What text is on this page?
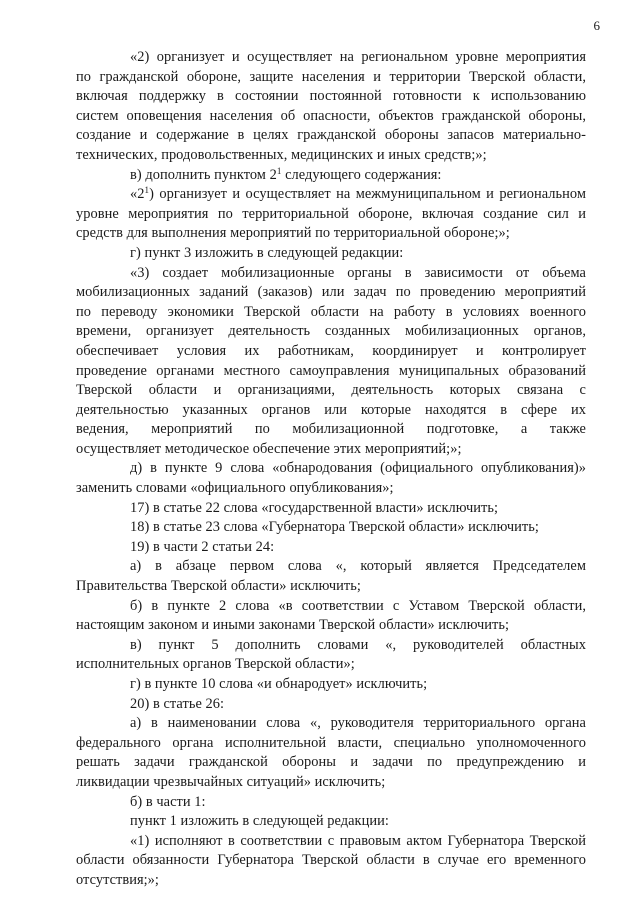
6

«2) организует и осуществляет на региональном уровне мероприятия
по гражданской обороне, защите населения и территории Тверской области,
включая поддержку в состоянии постоянной готовности к использованию
систем оповещения населения об опасности, объектов гражданской обороны,
создание и содержание в целях гражданской обороны запасов материально-
технических, продовольственных, медицинских и иных средств;»;

в) дополнить пунктом $2^1$ следующего содержания:

«$2^1$) организует и осуществляет на межмуниципальном и региональном
уровне мероприятия по территориальной обороне, включая создание сил и
средств для выполнения мероприятий по территориальной обороне;»;

г) пункт 3 изложить в следующей редакции:

«3) создает мобилизационные органы в зависимости от объема
мобилизационных заданий (заказов) или задач по проведению мероприятий
по переводу экономики Тверской области на работу в условиях военного
времени, организует деятельность созданных мобилизационных органов,
обеспечивает условия их работникам, координирует и контролирует
проведение органами местного самоуправления муниципальных образований
Тверской области и организациями, деятельность которых связана с
деятельностью указанных органов или которые находятся в сфере их
ведения, мероприятий по мобилизационной подготовке, а также
осуществляет методическое обеспечение этих мероприятий;»;

д) в пункте 9 слова «обнародования (официального опубликования)»
заменить словами «официального опубликования»;

17) в статье 22 слова «государственной власти» исключить;

18) в статье 23 слова «Губернатора Тверской области» исключить;

19) в части 2 статьи 24:

а) в абзаце первом слова «, который является Председателем
Правительства Тверской области» исключить;

б) в пункте 2 слова «в соответствии с Уставом Тверской области,
настоящим законом и иными законами Тверской области» исключить;

в) пункт 5 дополнить словами «, руководителей областных
исполнительных органов Тверской области»;

г) в пункте 10 слова «и обнародует» исключить;

20) в статье 26:

а) в наименовании слова «, руководителя территориального органа
федерального органа исполнительной власти, специально уполномоченного
решать задачи гражданской обороны и задачи по предупреждению и
ликвидации чрезвычайных ситуаций» исключить;

б) в части 1:

пункт 1 изложить в следующей редакции:

«1) исполняют в соответствии с правовым актом Губернатора Тверской
области обязанности Губернатора Тверской области в случае его временного
отсутствия;»;
